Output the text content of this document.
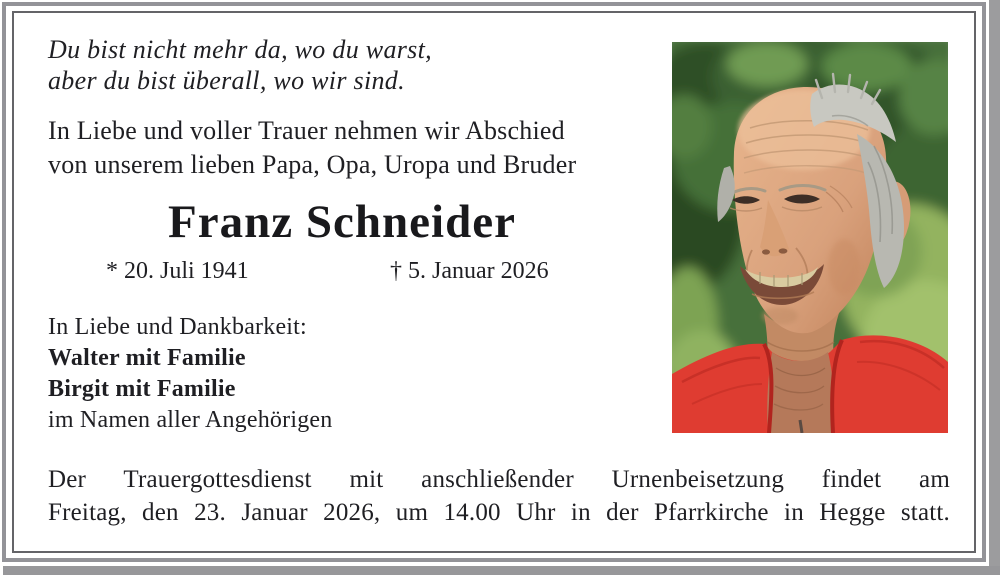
Du bist nicht mehr da, wo du warst,
aber du bist überall, wo wir sind.
In Liebe und voller Trauer nehmen wir Abschied
von unserem lieben Papa, Opa, Uropa und Bruder
Franz Schneider
* 20. Juli 1941	† 5. Januar 2026
In Liebe und Dankbarkeit:
Walter mit Familie
Birgit mit Familie
im Namen aller Angehörigen
Der Trauergottesdienst mit anschließender Urnenbeisetzung findet am
Freitag, den 23. Januar 2026, um 14.00 Uhr in der Pfarrkirche in Hegge statt.
